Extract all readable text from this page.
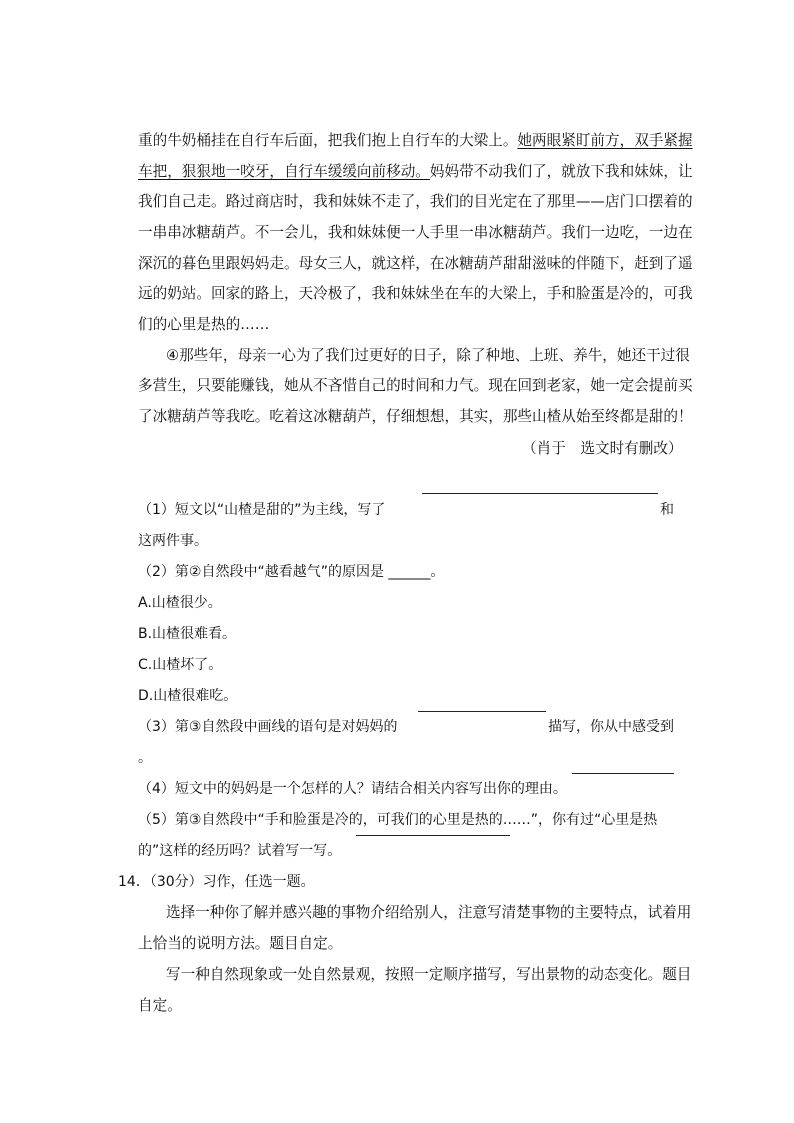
重的牛奶桶挂在自行车后面，把我们抱上自行车的大梁上。她两眼紧盯前方，双手紧握
车把，狠狠地一咬牙，自行车缓缓向前移动。妈妈带不动我们了，就放下我和妹妹，让
我们自己走。路过商店时，我和妹妹不走了，我们的目光定在了那里——店门口摆着的
一串串冰糖葫芦。不一会儿，我和妹妹便一人手里一串冰糖葫芦。我们一边吃，一边在
深沉的暮色里跟妈妈走。母女三人，就这样，在冰糖葫芦甜甜滋味的伴随下，赶到了遥
远的奶站。回家的路上，天冷极了，我和妹妹坐在车的大梁上，手和脸蛋是冷的，可我
们的心里是热的……
④那些年，母亲一心为了我们过更好的日子，除了种地、上班、养牛，她还干过很
多营生，只要能赚钱，她从不吝惜自己的时间和力气。现在回到老家，她一定会提前买
了冰糖葫芦等我吃。吃着这冰糖葫芦，仔细想想，其实，那些山楂从始至终都是甜的！
（肖于　选文时有删改）
（1）短文以“山楂是甜的”为主线，写了	和
这两件事。
（2）第②自然段中“越看越气”的原因是 ______。
A.山楂很少。
B.山楂很难看。
C.山楂坏了。
D.山楂很难吃。
（3）第③自然段中画线的语句是对妈妈的	描写，你从中感受到
。
（4）短文中的妈妈是一个怎样的人？请结合相关内容写出你的理由。
（5）第③自然段中“手和脸蛋是冷的，可我们的心里是热的……”，你有过“心里是热
的”这样的经历吗？试着写一写。
14．（30分）习作，任选一题。
选择一种你了解并感兴趣的事物介绍给别人，注意写清楚事物的主要特点，试着用
上恰当的说明方法。题目自定。
写一种自然现象或一处自然景观，按照一定顺序描写，写出景物的动态变化。题目
自定。
